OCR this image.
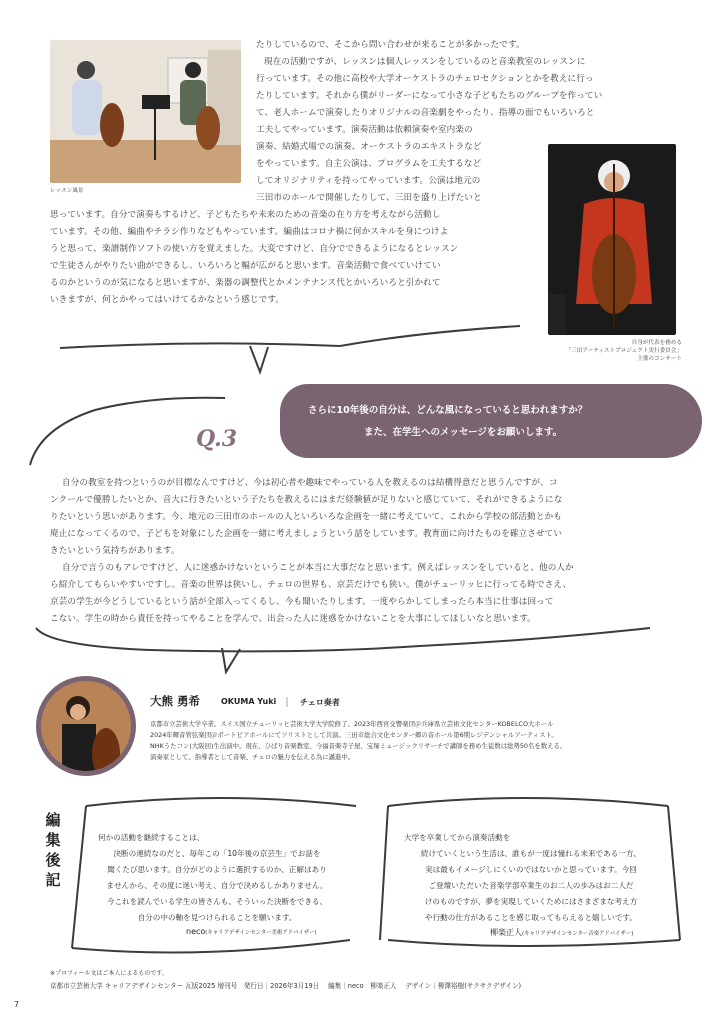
レッスン風景
たりしているので、そこから問い合わせが来ることが多かったです。
現在の活動ですが、レッスンは個人レッスンをしているのと音楽教室のレッスンに
行っています。その他に高校や大学オーケストラのチェロセクションとかを教えに行っ
たりしています。それから僕がリーダーになって小さな子どもたちのグループを作ってい
て、老人ホームで演奏したりオリジナルの音楽劇をやったり、指導の面でもいろいろと
工夫してやっています。演奏活動は依頼演奏や室内楽の
演奏、結婚式場での演奏、オーケストラのエキストラなど
をやっています。自主公演は、プログラムを工夫するなど
してオリジナリティを持ってやっています。公演は地元の
三田市のホールで開催したりして、三田を盛り上げたいと
思っています。自分で演奏もするけど、子どもたちや未来のための音楽の在り方を考えながら活動し
ています。その他、編曲やチラシ作りなどもやっています。編曲はコロナ禍に何かスキルを身につけよ
うと思って、楽譜制作ソフトの使い方を覚えました。大変ですけど、自分でできるようになるとレッスン
で生徒さんがやりたい曲ができるし、いろいろと幅が広がると思います。音楽活動で食べていけてい
るのかというのが気になると思いますが、楽器の調整代とかメンテナンス代とかいろいろと引かれて
いきますが、何とかやってはいけてるかなという感じです。
自身が代表を務める
「三田アーティストプロジェクト実行委員会」
主催のコンサート
さらに10年後の自分は、どんな風になっていると思われますか？
また、在学生へのメッセージをお願いします。
Q.3
自分の教室を持つというのが目標なんですけど、今は初心者や趣味でやっている人を教えるのは結構得意だと思うんですが、コ
ンクールで優勝したいとか、音大に行きたいという子たちを教えるにはまだ経験値が足りないと感じていて、それができるようにな
りたいという思いがあります。今、地元の三田市のホールの人といろいろな企画を一緒に考えていて、これから学校の部活動とかも
廃止になってくるので、子どもを対象にした企画を一緒に考えましょうという話をしています。教育面に向けたものを確立させてい
きたいという気持ちがあります。
自分で言うのもアレですけど、人に迷惑かけないということが本当に大事だなと思います。例えばレッスンをしていると、他の人か
ら紹介してもらいやすいですし。音楽の世界は狭いし、チェロの世界も、京芸だけでも狭い。僕がチューリッヒに行ってる時でさえ、
京芸の学生が今どうしているという話が全部入ってくるし、今も聞いたりします。一度やらかしてしまったら本当に仕事は回って
こない。学生の時から責任を持ってやることを学んで、出会った人に迷惑をかけないことを大事にしてほしいなと思います。
大熊 勇希	OKUMA Yuki ｜ チェロ奏者
京都市立芸術大学卒業。スイス国立チューリッヒ芸術大学大学院修了。2023年西宮交響楽団＠兵庫県立芸術文化センターKOBELCO大ホール
2024年輝音管弦楽団＠ポートピアホールにてソリストとして共演。三田市総合文化センター郷の音ホール第6期レジデンシャルアーティスト。
NHKうたコン(大阪回)生出演中。現在、ひばり音楽教室、今福音楽寺子屋、宝塚ミュージックリサーチで講師を務め生徒数は総勢50名を数える。
演奏家として、指導者として音楽、チェロの魅力を伝える為に邁進中。
編
集
後
記
何かの活動を継続することは、
決断の連続なのだと、毎年この「10年後の京芸生」でお話を
聞くたび思います。自分がどのように選択するのか、正解はあり
ませんから、その度に迷い考え、自分で決めるしかありません。
今これを読んでいる学生の皆さんも、そういった決断をできる、
自分の中の軸を見つけられることを願います。
neco(キャリアデザインセンター美術アドバイザー)
大学を卒業してから演奏活動を
続けていくという生活は、誰もが一度は憧れる未来である一方、
実は最もイメージしにくいのではないかと思っています。今回
ご登壇いただいた音楽学部卒業生のお二人の歩みはお二人だ
けのものですが、夢を実現していくためにはさまざまな考え方
や行動の仕方があることを感じ取ってもらえると嬉しいです。
柳楽正人(キャリアデザインセンター音楽アドバイザー)
※プロフィール文はご本人によるものです。
京都市立芸術大学 キャリアデザインセンター 瓦版2025 増刊号　発行日｜2026年3月19日　 編集｜neco　柳楽正人　 デザイン｜柳澤裕樹(サクサクデザイン)
7
